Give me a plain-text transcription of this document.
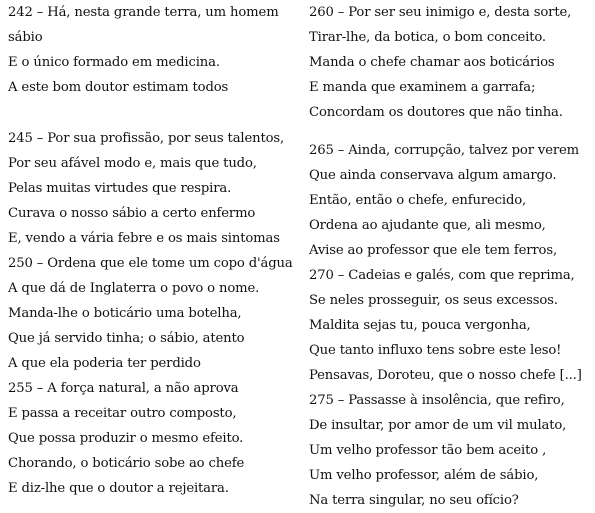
242 – Há, nesta grande terra, um homem
sábio
E o único formado em medicina.
A este bom doutor estimam todos
245 – Por sua profissão, por seus talentos,
Por seu afável modo e, mais que tudo,
Pelas muitas virtudes que respira.
Curava o nosso sábio a certo enfermo
E, vendo a vária febre e os mais sintomas
250 – Ordena que ele tome um copo d'água
A que dá de Inglaterra o povo o nome.
Manda-lhe o boticário uma botelha,
Que já servido tinha; o sábio, atento
A que ela poderia ter perdido
255 – A força natural, a não aprova
E passa a receitar outro composto,
Que possa produzir o mesmo efeito.
Chorando, o boticário sobe ao chefe
E diz-lhe que o doutor a rejeitara.
260 – Por ser seu inimigo e, desta sorte,
Tirar-lhe, da botica, o bom conceito.
Manda o chefe chamar aos boticários
E manda que examinem a garrafa;
Concordam os doutores que não tinha.
265 – Ainda, corrupção, talvez por verem
Que ainda conservava algum amargo.
Então, então o chefe, enfurecido,
Ordena ao ajudante que, ali mesmo,
Avise ao professor que ele tem ferros,
270 – Cadeias e galés, com que reprima,
Se neles prosseguir, os seus excessos.
Maldita sejas tu, pouca vergonha,
Que tanto influxo tens sobre este leso!
Pensavas, Doroteu, que o nosso chefe [...]
275 – Passasse à insolência, que refiro,
De insultar, por amor de um vil mulato,
Um velho professor tão bem aceito ,
Um velho professor, além de sábio,
Na terra singular, no seu ofício?
